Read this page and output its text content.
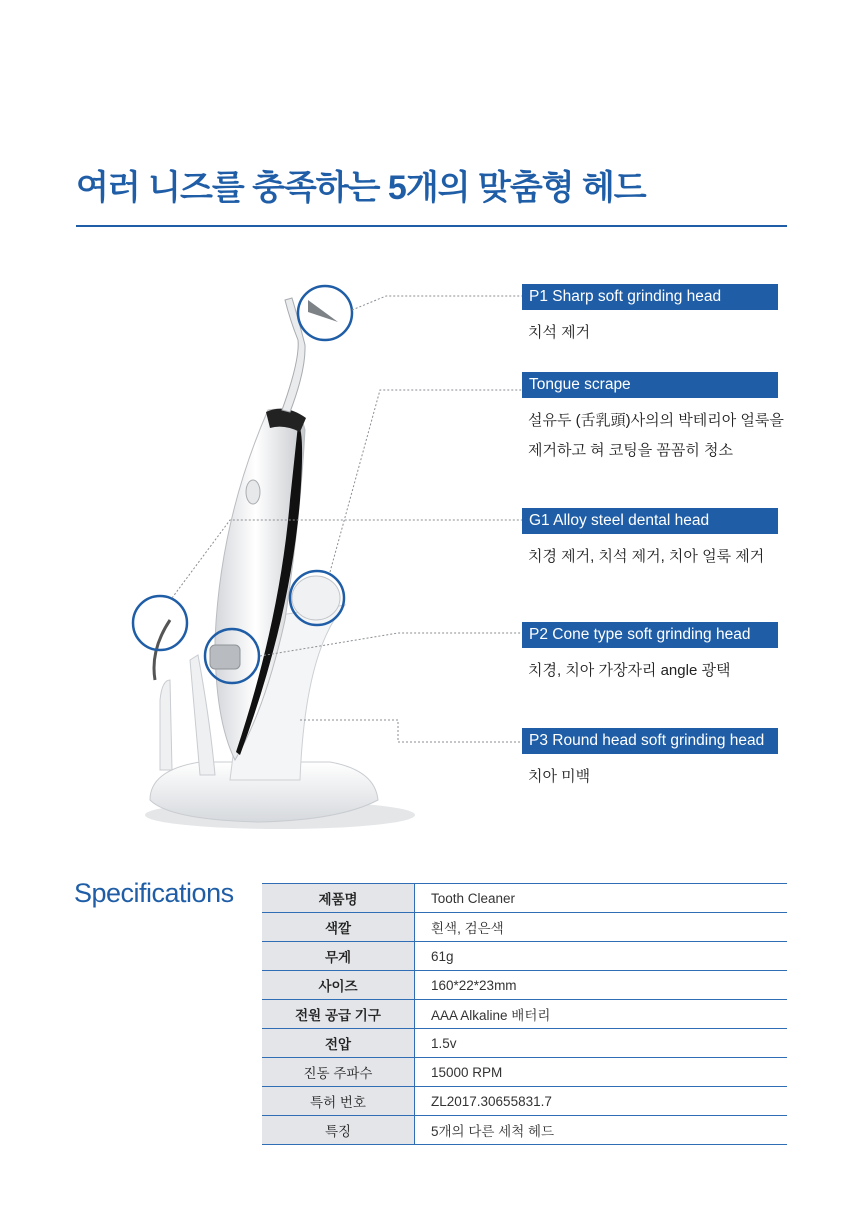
여러 니즈를 충족하는 5개의 맞춤형 헤드
P1 Sharp soft grinding head
치석 제거
Tongue scrape
설유두 (舌乳頭)사의의 박테리아 얼룩을
제거하고 혀 코팅을 꼼꼼히 청소
G1 Alloy steel dental head
치경 제거, 치석 제거, 치아 얼룩 제거
P2 Cone type soft grinding head
치경, 치아 가장자리 angle 광택
P3 Round head soft grinding head
치아 미백
Specifications	제품명	Tooth Cleaner
색깔	흰색, 검은색
무게	61g
사이즈	160*22*23mm
전원 공급 기구	AAA Alkaline 배터리
전압	1.5v
진동 주파수	15000 RPM
특허 번호	ZL2017.30655831.7
특징	5개의 다른 세척 헤드
